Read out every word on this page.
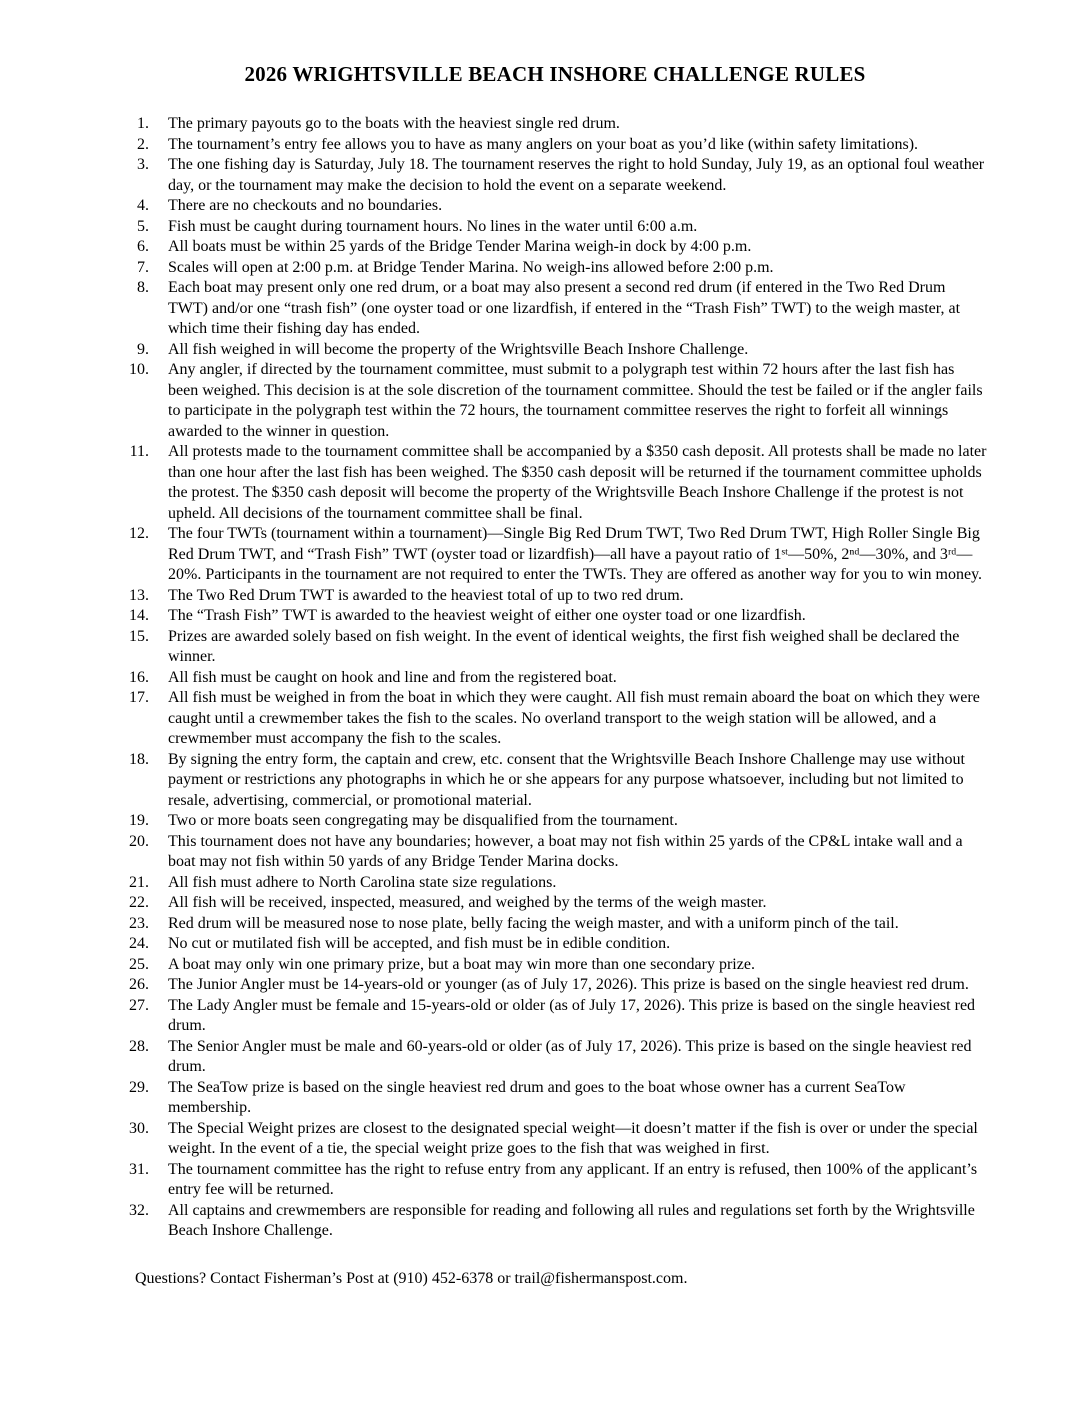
2026 WRIGHTSVILLE BEACH INSHORE CHALLENGE RULES
1. The primary payouts go to the boats with the heaviest single red drum.
2. The tournament’s entry fee allows you to have as many anglers on your boat as you’d like (within safety limitations).
3. The one fishing day is Saturday, July 18. The tournament reserves the right to hold Sunday, July 19, as an optional foul weather day, or the tournament may make the decision to hold the event on a separate weekend.
4. There are no checkouts and no boundaries.
5. Fish must be caught during tournament hours. No lines in the water until 6:00 a.m.
6. All boats must be within 25 yards of the Bridge Tender Marina weigh-in dock by 4:00 p.m.
7. Scales will open at 2:00 p.m. at Bridge Tender Marina. No weigh-ins allowed before 2:00 p.m.
8. Each boat may present only one red drum, or a boat may also present a second red drum (if entered in the Two Red Drum TWT) and/or one “trash fish” (one oyster toad or one lizardfish, if entered in the “Trash Fish” TWT) to the weigh master, at which time their fishing day has ended.
9. All fish weighed in will become the property of the Wrightsville Beach Inshore Challenge.
10. Any angler, if directed by the tournament committee, must submit to a polygraph test within 72 hours after the last fish has been weighed. This decision is at the sole discretion of the tournament committee. Should the test be failed or if the angler fails to participate in the polygraph test within the 72 hours, the tournament committee reserves the right to forfeit all winnings awarded to the winner in question.
11. All protests made to the tournament committee shall be accompanied by a $350 cash deposit. All protests shall be made no later than one hour after the last fish has been weighed. The $350 cash deposit will be returned if the tournament committee upholds the protest. The $350 cash deposit will become the property of the Wrightsville Beach Inshore Challenge if the protest is not upheld. All decisions of the tournament committee shall be final.
12. The four TWTs (tournament within a tournament)—Single Big Red Drum TWT, Two Red Drum TWT, High Roller Single Big Red Drum TWT, and “Trash Fish” TWT (oyster toad or lizardfish)—all have a payout ratio of 1ˢᵗ—50%, 2ⁿᵈ—30%, and 3ʳᵈ—20%. Participants in the tournament are not required to enter the TWTs. They are offered as another way for you to win money.
13. The Two Red Drum TWT is awarded to the heaviest total of up to two red drum.
14. The “Trash Fish” TWT is awarded to the heaviest weight of either one oyster toad or one lizardfish.
15. Prizes are awarded solely based on fish weight. In the event of identical weights, the first fish weighed shall be declared the winner.
16. All fish must be caught on hook and line and from the registered boat.
17. All fish must be weighed in from the boat in which they were caught. All fish must remain aboard the boat on which they were caught until a crewmember takes the fish to the scales. No overland transport to the weigh station will be allowed, and a crewmember must accompany the fish to the scales.
18. By signing the entry form, the captain and crew, etc. consent that the Wrightsville Beach Inshore Challenge may use without payment or restrictions any photographs in which he or she appears for any purpose whatsoever, including but not limited to resale, advertising, commercial, or promotional material.
19. Two or more boats seen congregating may be disqualified from the tournament.
20. This tournament does not have any boundaries; however, a boat may not fish within 25 yards of the CP&L intake wall and a boat may not fish within 50 yards of any Bridge Tender Marina docks.
21. All fish must adhere to North Carolina state size regulations.
22. All fish will be received, inspected, measured, and weighed by the terms of the weigh master.
23. Red drum will be measured nose to nose plate, belly facing the weigh master, and with a uniform pinch of the tail.
24. No cut or mutilated fish will be accepted, and fish must be in edible condition.
25. A boat may only win one primary prize, but a boat may win more than one secondary prize.
26. The Junior Angler must be 14-years-old or younger (as of July 17, 2026). This prize is based on the single heaviest red drum.
27. The Lady Angler must be female and 15-years-old or older (as of July 17, 2026). This prize is based on the single heaviest red drum.
28. The Senior Angler must be male and 60-years-old or older (as of July 17, 2026). This prize is based on the single heaviest red drum.
29. The SeaTow prize is based on the single heaviest red drum and goes to the boat whose owner has a current SeaTow membership.
30. The Special Weight prizes are closest to the designated special weight—it doesn’t matter if the fish is over or under the special weight. In the event of a tie, the special weight prize goes to the fish that was weighed in first.
31. The tournament committee has the right to refuse entry from any applicant. If an entry is refused, then 100% of the applicant’s entry fee will be returned.
32. All captains and crewmembers are responsible for reading and following all rules and regulations set forth by the Wrightsville Beach Inshore Challenge.

Questions? Contact Fisherman’s Post at (910) 452-6378 or trail@fishermanspost.com.
